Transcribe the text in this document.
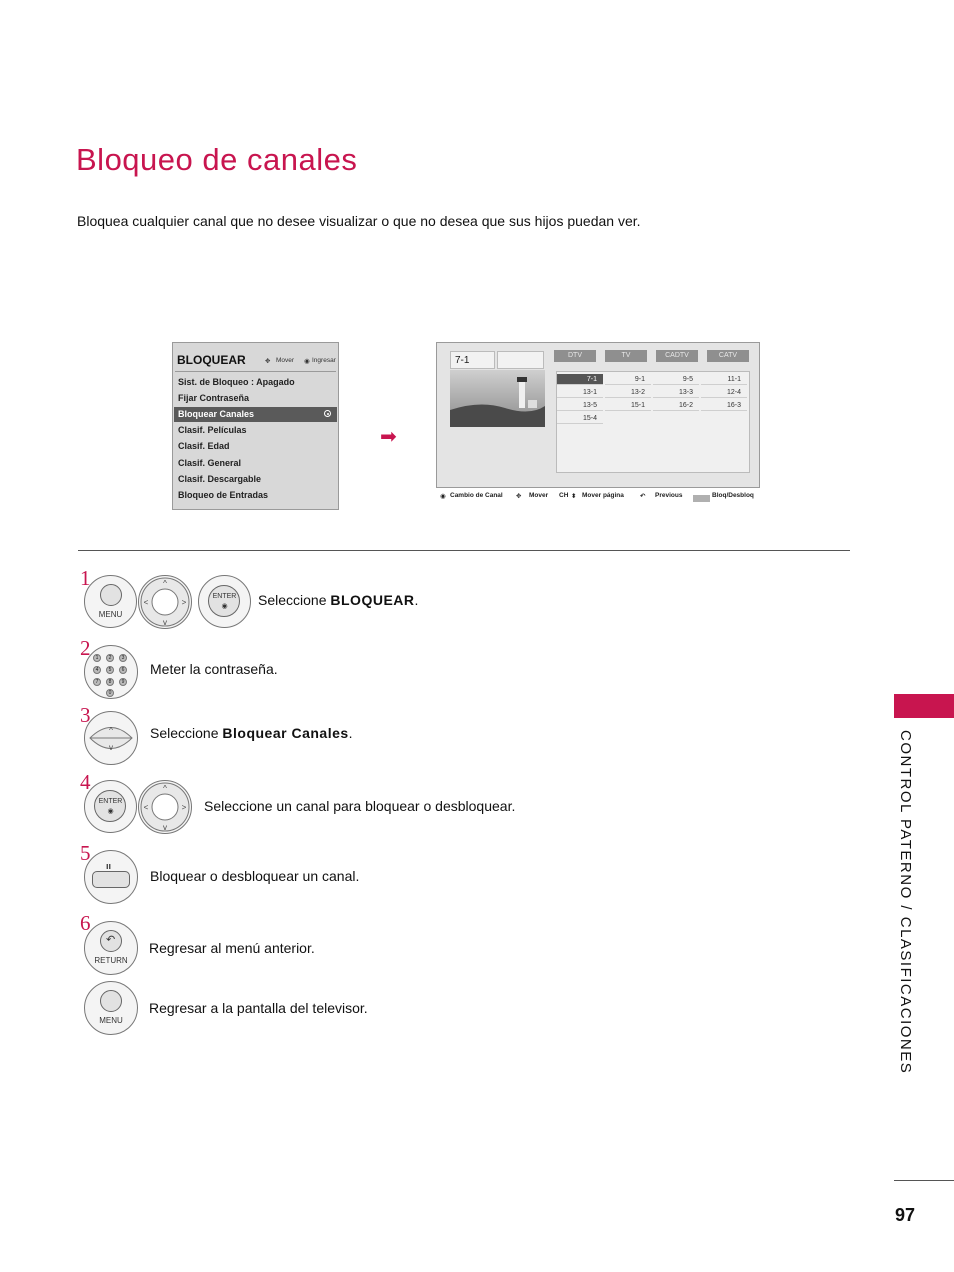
Bloqueo de canales
Bloquea cualquier canal que no desee visualizar o que no desea que sus hijos puedan ver.
BLOQUEAR	✥ Mover ◉ Ingresar
Sist. de Bloqueo : Apagado
Fijar Contraseña
Bloquear Canales
Clasif. Películas
Clasif. Edad
Clasif. General
Clasif. Descargable
Bloqueo de Entradas
➡
7-1	DTV	TV	CADTV	CATV
7-1	9-1	9-5	11-1
13-1	13-2	13-3	12-4
13-5	15-1	16-2	16-3
15-4
◉ Cambio de Canal ✥ Mover CH ⬍ Mover página ↶ Previous	Bloq/Desbloq
1
MENU
^
v
<	>
ENTER
◉	Seleccione BLOQUEAR.
2	1	2	3
4	5	6
7	8	9
0
Meter la contraseña.
3
^
v
Seleccione Bloquear Canales.
4
ENTER
◉
^
v
<	> Seleccione un canal para bloquear o desbloquear.
5
ıı
Bloquear o desbloquear un canal.
6
↶
RETURN
Regresar al menú anterior.
MENU
Regresar a la pantalla del televisor.	CONTROL PATERNO / CLASIFICACIONES
97
